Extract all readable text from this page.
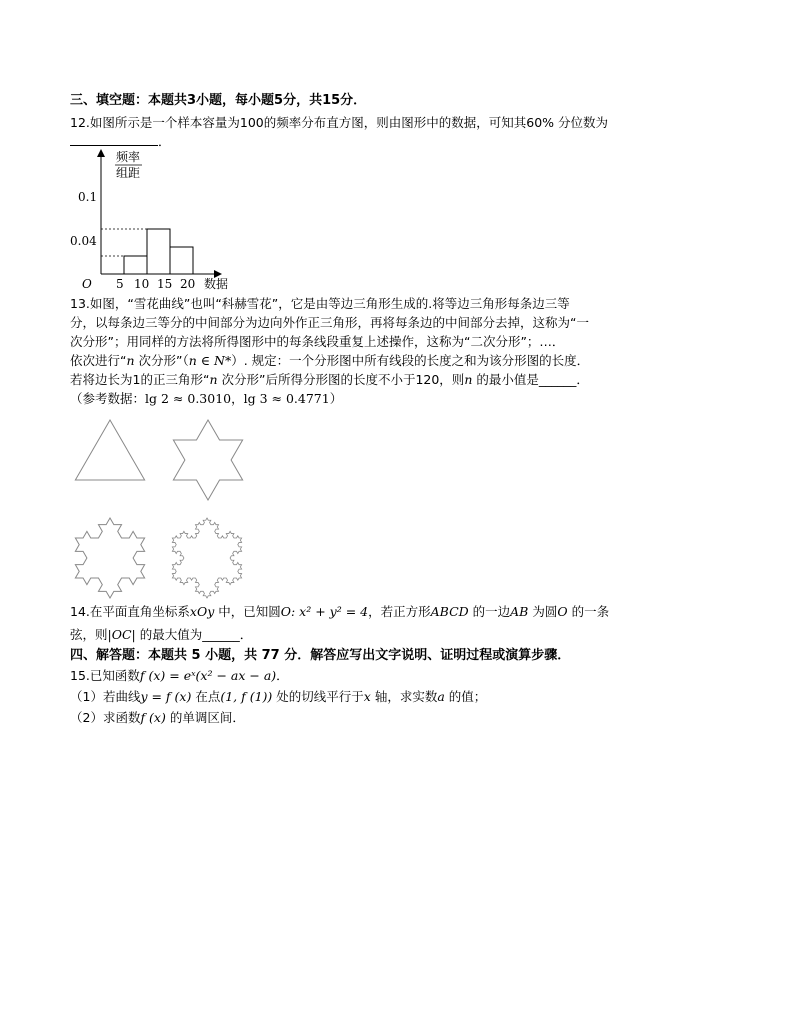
三、填空题：本题共3小题，每小题5分，共15分．
12.如图所示是一个样本容量为100的频率分布直方图，则由图形中的数据，可知其60% 分位数为
．
频率
组距
0.1
0.04
O 5 10 15 20 数据
13.如图，“雪花曲线”也叫“科赫雪花”，它是由等边三角形生成的.将等边三角形每条边三等
分，以每条边三等分的中间部分为边向外作正三角形，再将每条边的中间部分去掉，这称为“一
次分形”；用同样的方法将所得图形中的每条线段重复上述操作，这称为“二次分形”；…．
依次进行“n 次分形”（n ∈ N*）. 规定：一个分形图中所有线段的长度之和为该分形图的长度．
若将边长为1的正三角形“n 次分形”后所得分形图的长度不小于120，则n 的最小值是______．
（参考数据：lg 2 ≈ 0.3010，lg 3 ≈ 0.4771）
14.在平面直角坐标系xOy 中，已知圆O: x² + y² = 4，若正方形ABCD 的一边AB 为圆O 的一条
弦，则|OC| 的最大值为______．
四、解答题：本题共 5 小题，共 77 分．解答应写出文字说明、证明过程或演算步骤．
15.已知函数f (x) = eˣ(x² − ax − a)．
（1）若曲线y = f (x) 在点(1, f (1)) 处的切线平行于x 轴，求实数a 的值；
（2）求函数f (x) 的单调区间．
